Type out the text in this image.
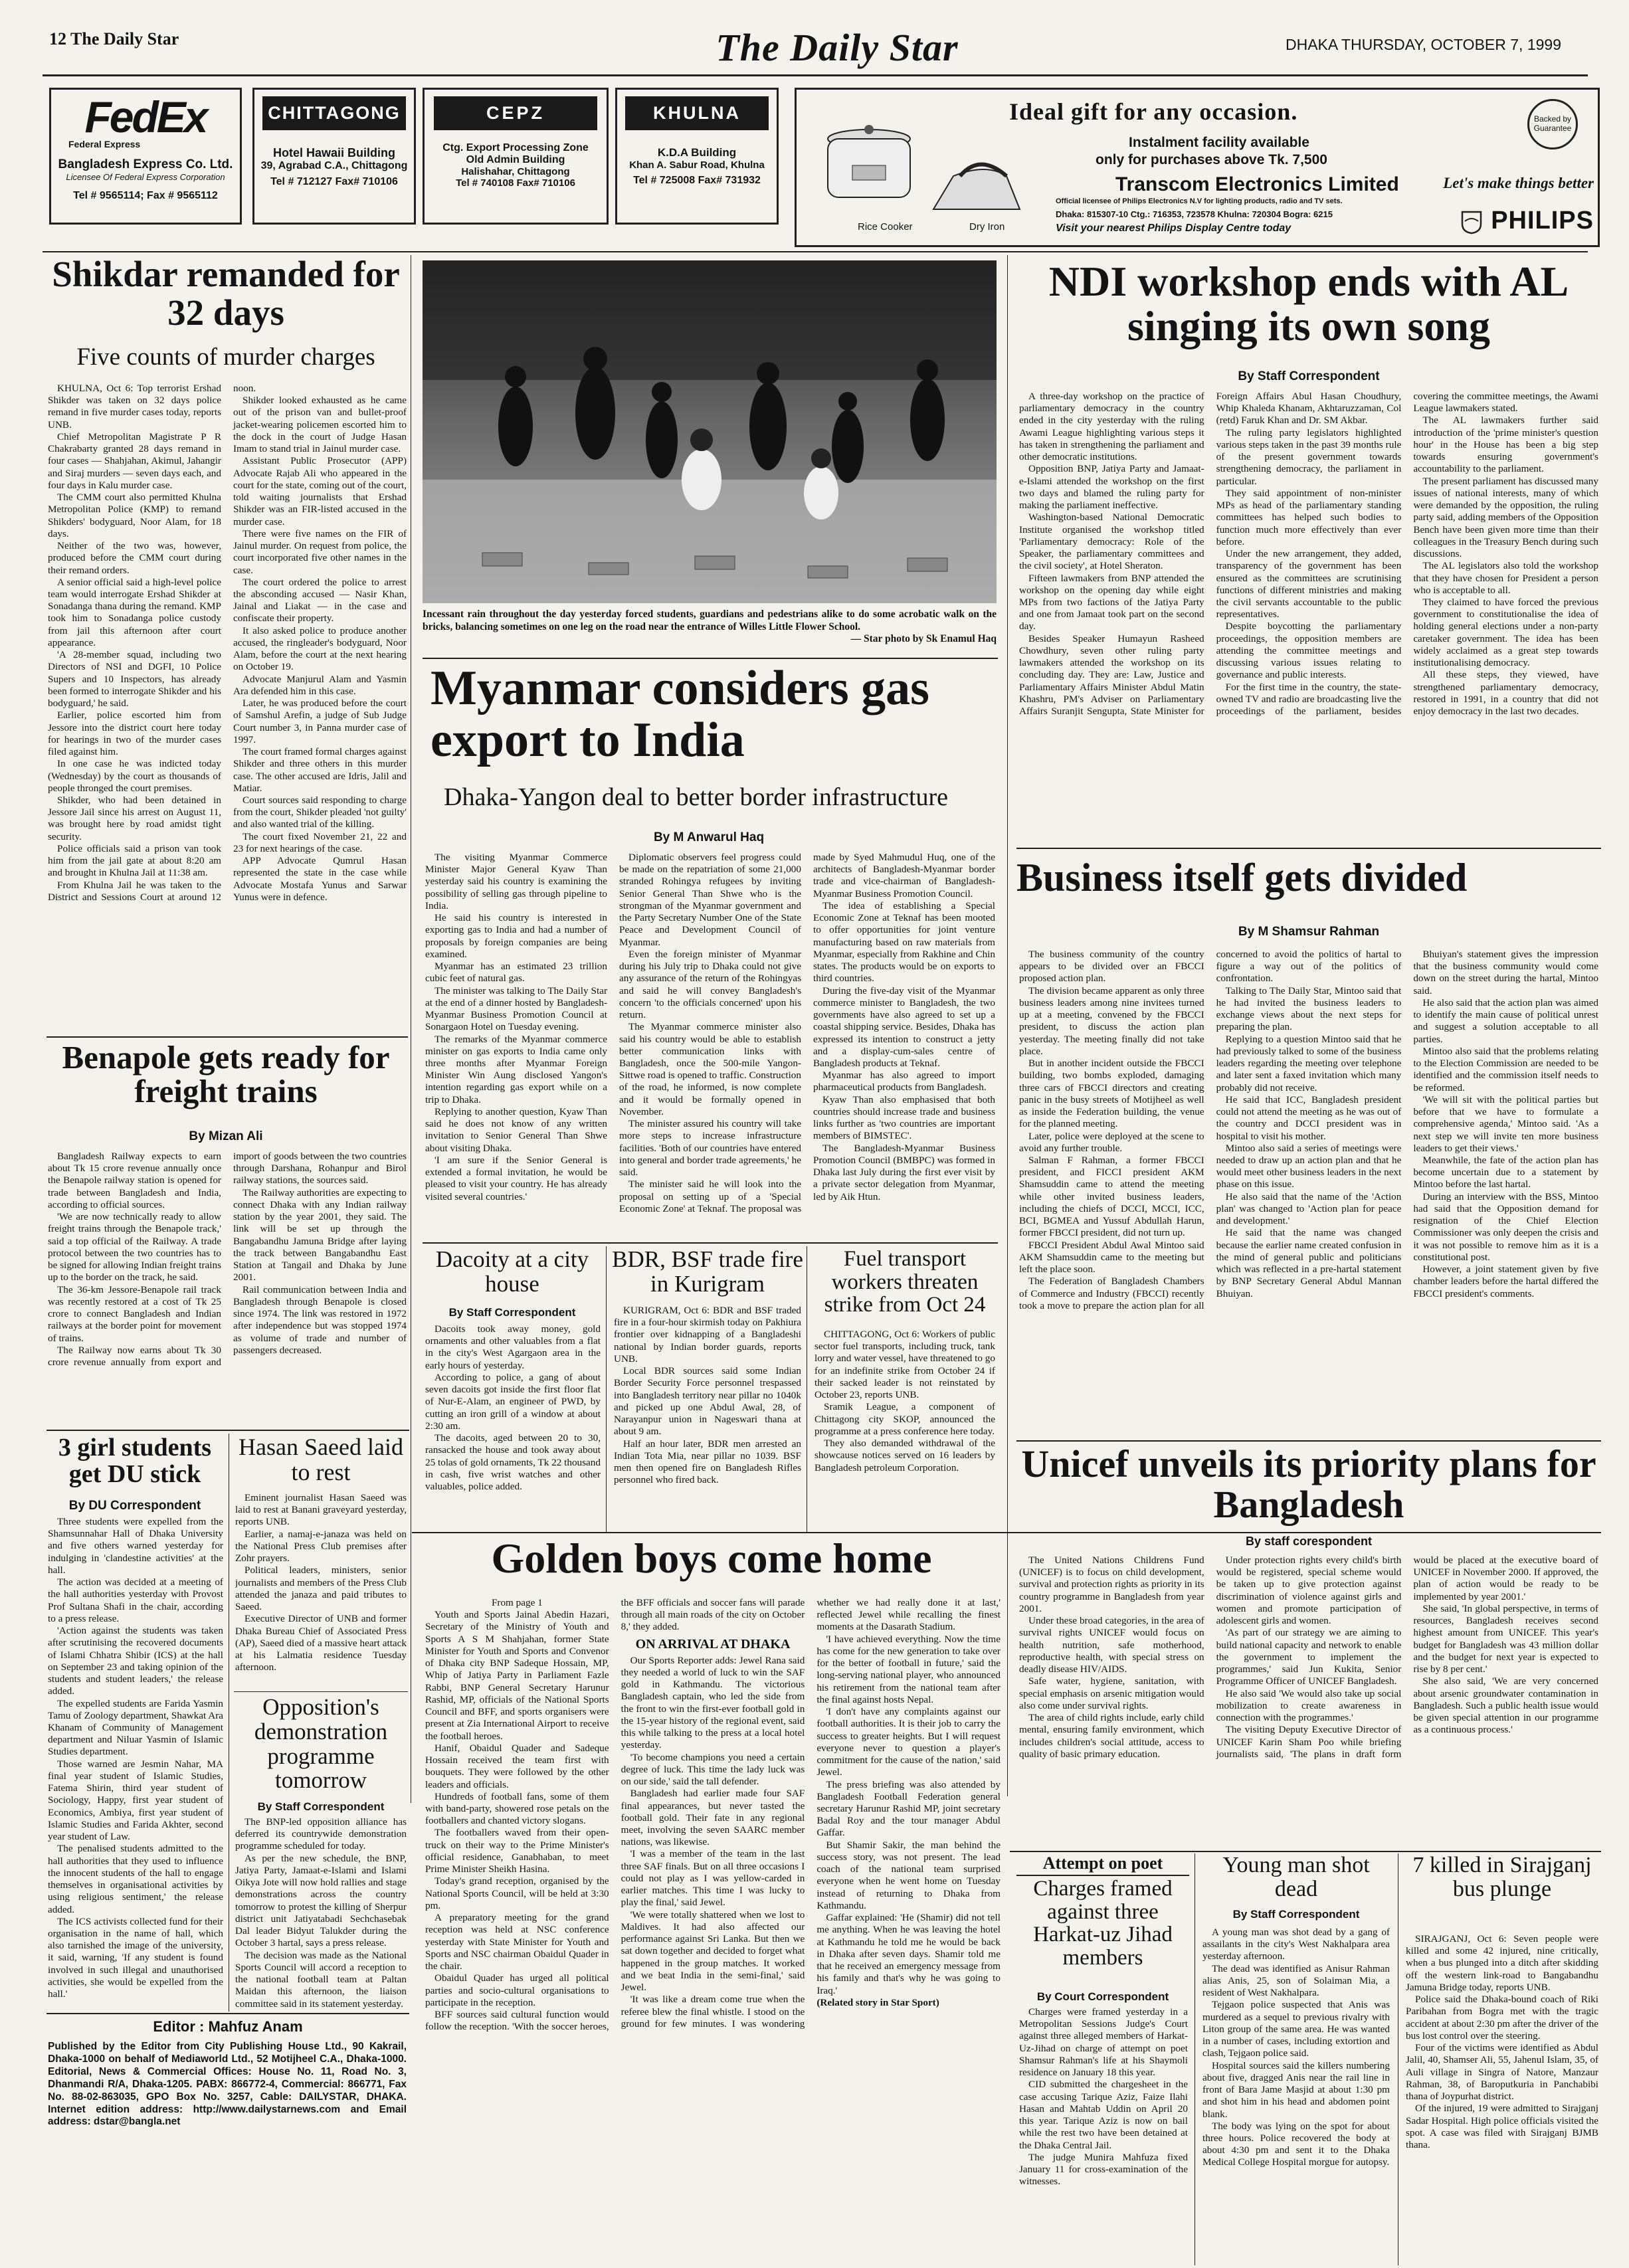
12 The Daily Star	The Daily Star	DHAKA THURSDAY, OCTOBER 7, 1999
FedEx
Federal Express
Bangladesh Express Co. Ltd.
Licensee Of Federal Express Corporation
Tel # 9565114; Fax # 9565112
CHITTAGONG
Hotel Hawaii Building
39, Agrabad C.A., Chittagong
Tel # 712127 Fax# 710106
CEPZ
Ctg. Export Processing Zone
Old Admin Building
Halishahar, Chittagong
Tel # 740108 Fax# 710106
KHULNA
K.D.A Building
Khan A. Sabur Road, Khulna
Tel # 725008 Fax# 731932
Ideal gift for any occasion.
Rice Cooker	Dry Iron
Instalment facility available
only for purchases above Tk. 7,500
Transcom Electronics Limited
Official licensee of Philips Electronics N.V for lighting products, radio and TV sets.
Dhaka: 815307-10 Ctg.: 716353, 723578 Khulna: 720304 Bogra: 6215
Visit your nearest Philips Display Centre today
Backed by
Guarantee
Let's make things better
PHILIPS
Shikdar remanded for 32 days
Five counts of murder charges

KHULNA, Oct 6: Top terrorist Ershad Shikder was taken on 32 days police remand in five murder cases today, reports UNB.

Chief Metropolitan Magistrate P R Chakrabarty granted 28 days remand in four cases — Shahjahan, Akimul, Jahangir and Siraj murders — seven days each, and four days in Kalu murder case.

The CMM court also permitted Khulna Metropolitan Police (KMP) to remand Shikders' bodyguard, Noor Alam, for 18 days.

Neither of the two was, however, produced before the CMM court during their remand orders.

A senior official said a high-level police team would interrogate Ershad Shikder at Sonadanga thana during the remand. KMP took him to Sonadanga police custody from jail this afternoon after court appearance.

'A 28-member squad, including two Directors of NSI and DGFI, 10 Police Supers and 10 Inspectors, has already been formed to interrogate Shikder and his bodyguard,' he said.

Earlier, police escorted him from Jessore into the district court here today for hearings in two of the murder cases filed against him.

In one case he was indicted today (Wednesday) by the court as thousands of people thronged the court premises.

Shikder, who had been detained in Jessore Jail since his arrest on August 11, was brought here by road amidst tight security.

Police officials said a prison van took him from the jail gate at about 8:20 am and brought in Khulna Jail at 11:38 am.

From Khulna Jail he was taken to the District and Sessions Court at around 12 noon.

Shikder looked exhausted as he came out of the prison van and bullet-proof jacket-wearing policemen escorted him to the dock in the court of Judge Hasan Imam to stand trial in Jainul murder case.

Assistant Public Prosecutor (APP) Advocate Rajab Ali who appeared in the court for the state, coming out of the court, told waiting journalists that Ershad Shikder was an FIR-listed accused in the murder case.

There were five names on the FIR of Jainul murder. On request from police, the court incorporated five other names in the case.

The court ordered the police to arrest the absconding accused — Nasir Khan, Jainal and Liakat — in the case and confiscate their property.

It also asked police to produce another accused, the ringleader's bodyguard, Noor Alam, before the court at the next hearing on October 19.

Advocate Manjurul Alam and Yasmin Ara defended him in this case.

Later, he was produced before the court of Samshul Arefin, a judge of Sub Judge Court number 3, in Panna murder case of 1997.

The court framed formal charges against Shikder and three others in this murder case. The other accused are Idris, Jalil and Matiar.

Court sources said responding to charge from the court, Shikder pleaded 'not guilty' and also wanted trial of the killing.

The court fixed November 21, 22 and 23 for next hearings of the case.

APP Advocate Qumrul Hasan represented the state in the case while Advocate Mostafa Yunus and Sarwar Yunus were in defence.

Incessant rain throughout the day yesterday forced students, guardians and pedestrians alike to do some acrobatic walk on the bricks, balancing sometimes on one leg on the road near the entrance of Willes Little Flower School.
— Star photo by Sk Enamul Haq
Myanmar considers gas export to India
Dhaka-Yangon deal to better border infrastructure
By M Anwarul Haq

The visiting Myanmar Commerce Minister Major General Kyaw Than yesterday said his country is examining the possibility of selling gas through pipeline to India.

He said his country is interested in exporting gas to India and had a number of proposals by foreign companies are being examined.

Myanmar has an estimated 23 trillion cubic feet of natural gas.

The minister was talking to The Daily Star at the end of a dinner hosted by Bangladesh-Myanmar Business Promotion Council at Sonargaon Hotel on Tuesday evening.

The remarks of the Myanmar commerce minister on gas exports to India came only three months after Myanmar Foreign Minister Win Aung disclosed Yangon's intention regarding gas export while on a trip to Dhaka.

Replying to another question, Kyaw Than said he does not know of any written invitation to Senior General Than Shwe about visiting Dhaka.

'I am sure if the Senior General is extended a formal invitation, he would be pleased to visit your country. He has already visited several countries.'

Diplomatic observers feel progress could be made on the repatriation of some 21,000 stranded Rohingya refugees by inviting Senior General Than Shwe who is the strongman of the Myanmar government and the Party Secretary Number One of the State Peace and Development Council of Myanmar.

Even the foreign minister of Myanmar during his July trip to Dhaka could not give any assurance of the return of the Rohingyas and said he will convey Bangladesh's concern 'to the officials concerned' upon his return.

The Myanmar commerce minister also said his country would be able to establish better communication links with Bangladesh, once the 500-mile Yangon-Sittwe road is opened to traffic. Construction of the road, he informed, is now complete and it would be formally opened in November.

The minister assured his country will take more steps to increase infrastructure facilities. 'Both of our countries have entered into general and border trade agreements,' he said.

The minister said he will look into the proposal on setting up of a 'Special Economic Zone' at Teknaf. The proposal was made by Syed Mahmudul Huq, one of the architects of Bangladesh-Myanmar border trade and vice-chairman of Bangladesh-Myanmar Business Promotion Council.

The idea of establishing a Special Economic Zone at Teknaf has been mooted to offer opportunities for joint venture manufacturing based on raw materials from Myanmar, especially from Rakhine and Chin states. The products would be on exports to third countries.

During the five-day visit of the Myanmar commerce minister to Bangladesh, the two governments have also agreed to set up a coastal shipping service. Besides, Dhaka has expressed its intention to construct a jetty and a display-cum-sales centre of Bangladesh products at Teknaf.

Myanmar has also agreed to import pharmaceutical products from Bangladesh.

Kyaw Than also emphasised that both countries should increase trade and business links further as 'two countries are important members of BIMSTEC'.

The Bangladesh-Myanmar Business Promotion Council (BMBPC) was formed in Dhaka last July during the first ever visit by a private sector delegation from Myanmar, led by Aik Htun.

NDI workshop ends with AL singing its own song
By Staff Correspondent

A three-day workshop on the practice of parliamentary democracy in the country ended in the city yesterday with the ruling Awami League highlighting various steps it has taken in strengthening the parliament and other democratic institutions.

Opposition BNP, Jatiya Party and Jamaat-e-Islami attended the workshop on the first two days and blamed the ruling party for making the parliament ineffective.

Washington-based National Democratic Institute organised the workshop titled 'Parliamentary democracy: Role of the Speaker, the parliamentary committees and the civil society', at Hotel Sheraton.

Fifteen lawmakers from BNP attended the workshop on the opening day while eight MPs from two factions of the Jatiya Party and one from Jamaat took part on the second day.

Besides Speaker Humayun Rasheed Chowdhury, seven other ruling party lawmakers attended the workshop on its concluding day. They are: Law, Justice and Parliamentary Affairs Minister Abdul Matin Khashru, PM's Adviser on Parliamentary Affairs Suranjit Sengupta, State Minister for Foreign Affairs Abul Hasan Choudhury, Whip Khaleda Khanam, Akhtaruzzaman, Col (retd) Faruk Khan and Dr. SM Akbar.

The ruling party legislators highlighted various steps taken in the past 39 months rule of the present government towards strengthening democracy, the parliament in particular.

They said appointment of non-minister MPs as head of the parliamentary standing committees has helped such bodies to function much more effectively than ever before.

Under the new arrangement, they added, transparency of the government has been ensured as the committees are scrutinising functions of different ministries and making the civil servants accountable to the public representatives.

Despite boycotting the parliamentary proceedings, the opposition members are attending the committee meetings and discussing various issues relating to governance and public interests.

For the first time in the country, the state-owned TV and radio are broadcasting live the proceedings of the parliament, besides covering the committee meetings, the Awami League lawmakers stated.

The AL lawmakers further said introduction of the 'prime minister's question hour' in the House has been a big step towards ensuring government's accountability to the parliament.

The present parliament has discussed many issues of national interests, many of which were demanded by the opposition, the ruling party said, adding members of the Opposition Bench have been given more time than their colleagues in the Treasury Bench during such discussions.

The AL legislators also told the workshop that they have chosen for President a person who is acceptable to all.

They claimed to have forced the previous government to constitutionalise the idea of holding general elections under a non-party caretaker government. The idea has been widely acclaimed as a great step towards institutionalising democracy.

All these steps, they viewed, have strengthened parliamentary democracy, restored in 1991, in a country that did not enjoy democracy in the last two decades.

Business itself gets divided
By M Shamsur Rahman

The business community of the country appears to be divided over an FBCCI proposed action plan.

The division became apparent as only three business leaders among nine invitees turned up at a meeting, convened by the FBCCI president, to discuss the action plan yesterday. The meeting finally did not take place.

But in another incident outside the FBCCI building, two bombs exploded, damaging three cars of FBCCI directors and creating panic in the busy streets of Motijheel as well as inside the Federation building, the venue for the planned meeting.

Later, police were deployed at the scene to avoid any further trouble.

Salman F Rahman, a former FBCCI president, and FICCI president AKM Shamsuddin came to attend the meeting while other invited business leaders, including the chiefs of DCCI, MCCI, ICC, BCI, BGMEA and Yussuf Abdullah Harun, former FBCCI president, did not turn up.

FBCCI President Abdul Awal Mintoo said AKM Shamsuddin came to the meeting but left the place soon.

The Federation of Bangladesh Chambers of Commerce and Industry (FBCCI) recently took a move to prepare the action plan for all concerned to avoid the politics of hartal to figure a way out of the politics of confrontation.

Talking to The Daily Star, Mintoo said that he had invited the business leaders to exchange views about the next steps for preparing the plan.

Replying to a question Mintoo said that he had previously talked to some of the business leaders regarding the meeting over telephone and later sent a faxed invitation which many probably did not receive.

He said that ICC, Bangladesh president could not attend the meeting as he was out of the country and DCCI president was in hospital to visit his mother.

Mintoo also said a series of meetings were needed to draw up an action plan and that he would meet other business leaders in the next phase on this issue.

He also said that the name of the 'Action plan' was changed to 'Action plan for peace and development.'

He said that the name was changed because the earlier name created confusion in the mind of general public and politicians which was reflected in a pre-hartal statement by BNP Secretary General Abdul Mannan Bhuiyan.

Bhuiyan's statement gives the impression that the business community would come down on the street during the hartal, Mintoo said.

He also said that the action plan was aimed to identify the main cause of political unrest and suggest a solution acceptable to all parties.

Mintoo also said that the problems relating to the Election Commission are needed to be identified and the commission itself needs to be reformed.

'We will sit with the political parties but before that we have to formulate a comprehensive agenda,' Mintoo said. 'As a next step we will invite ten more business leaders to get their views.'

Meanwhile, the fate of the action plan has become uncertain due to a statement by Mintoo before the last hartal.

During an interview with the BSS, Mintoo had said that the Opposition demand for resignation of the Chief Election Commissioner was only deepen the crisis and it was not possible to remove him as it is a constitutional post.

However, a joint statement given by five chamber leaders before the hartal differed the FBCCI president's comments.

Benapole gets ready for freight trains
By Mizan Ali

Bangladesh Railway expects to earn about Tk 15 crore revenue annually once the Benapole railway station is opened for trade between Bangladesh and India, according to official sources.

'We are now technically ready to allow freight trains through the Benapole track,' said a top official of the Railway. A trade protocol between the two countries has to be signed for allowing Indian freight trains up to the border on the track, he said.

The 36-km Jessore-Benapole rail track was recently restored at a cost of Tk 25 crore to connect Bangladesh and Indian railways at the border point for movement of trains.

The Railway now earns about Tk 30 crore revenue annually from export and import of goods between the two countries through Darshana, Rohanpur and Birol railway stations, the sources said.

The Railway authorities are expecting to connect Dhaka with any Indian railway station by the year 2001, they said. The link will be set up through the Bangabandhu Jamuna Bridge after laying the track between Bangabandhu East Station at Tangail and Dhaka by June 2001.

Rail communication between India and Bangladesh through Benapole is closed since 1974. The link was restored in 1972 after independence but was stopped 1974 as volume of trade and number of passengers decreased.

3 girl students get DU stick
By DU Correspondent

Three students were expelled from the Shamsunnahar Hall of Dhaka University and five others warned yesterday for indulging in 'clandestine activities' at the hall.

The action was decided at a meeting of the hall authorities yesterday with Provost Prof Sultana Shafi in the chair, according to a press release.

'Action against the students was taken after scrutinising the recovered documents of Islami Chhatra Shibir (ICS) at the hall on September 23 and taking opinion of the students and student leaders,' the release added.

The expelled students are Farida Yasmin Tamu of Zoology department, Shawkat Ara Khanam of Community of Management department and Niluar Yasmin of Islamic Studies department.

Those warned are Jesmin Nahar, MA final year student of Islamic Studies, Fatema Shirin, third year student of Sociology, Happy, first year student of Economics, Ambiya, first year student of Islamic Studies and Farida Akhter, second year student of Law.

The penalised students admitted to the hall authorities that they used to influence the innocent students of the hall to engage themselves in organisational activities by using religious sentiment,' the release added.

The ICS activists collected fund for their organisation in the name of hall, which also tarnished the image of the university, it said, warning, 'If any student is found involved in such illegal and unauthorised activities, she would be expelled from the hall.'

Hasan Saeed laid to rest

Eminent journalist Hasan Saeed was laid to rest at Banani graveyard yesterday, reports UNB.

Earlier, a namaj-e-janaza was held on the National Press Club premises after Zohr prayers.

Political leaders, ministers, senior journalists and members of the Press Club attended the janaza and paid tributes to Saeed.

Executive Director of UNB and former Dhaka Bureau Chief of Associated Press (AP), Saeed died of a massive heart attack at his Lalmatia residence Tuesday afternoon.

Opposition's demonstration programme tomorrow
By Staff Correspondent

The BNP-led opposition alliance has deferred its countrywide demonstration programme scheduled for today.

As per the new schedule, the BNP, Jatiya Party, Jamaat-e-Islami and Islami Oikya Jote will now hold rallies and stage demonstrations across the country tomorrow to protest the killing of Sherpur district unit Jatiyatabadi Sechchasebak Dal leader Bidyut Talukder during the October 3 hartal, says a press release.

The decision was made as the National Sports Council will accord a reception to the national football team at Paltan Maidan this afternoon, the liaison committee said in its statement yesterday.

Dacoity at a city house
By Staff Correspondent

Dacoits took away money, gold ornaments and other valuables from a flat in the city's West Agargaon area in the early hours of yesterday.

According to police, a gang of about seven dacoits got inside the first floor flat of Nur-E-Alam, an engineer of PWD, by cutting an iron grill of a window at about 2:30 am.

The dacoits, aged between 20 to 30, ransacked the house and took away about 25 tolas of gold ornaments, Tk 22 thousand in cash, five wrist watches and other valuables, police added.

BDR, BSF trade fire in Kurigram

KURIGRAM, Oct 6: BDR and BSF traded fire in a four-hour skirmish today on Pakhiura frontier over kidnapping of a Bangladeshi national by Indian border guards, reports UNB.

Local BDR sources said some Indian Border Security Force personnel trespassed into Bangladesh territory near pillar no 1040k and picked up one Abdul Awal, 28, of Narayanpur union in Nageswari thana at about 9 am.

Half an hour later, BDR men arrested an Indian Tota Mia, near pillar no 1039. BSF men then opened fire on Bangladesh Rifles personnel who fired back.

Fuel transport workers threaten strike from Oct 24

CHITTAGONG, Oct 6: Workers of public sector fuel transports, including truck, tank lorry and water vessel, have threatened to go for an indefinite strike from October 24 if their sacked leader is not reinstated by October 23, reports UNB.

Sramik League, a component of Chittagong city SKOP, announced the programme at a press conference here today.

They also demanded withdrawal of the showcause notices served on 16 leaders by Bangladesh petroleum Corporation.	Unicef unveils its priority plans for Bangladesh
By staff corespondent

The United Nations Childrens Fund (UNICEF) is to focus on child development, survival and protection rights as priority in its country programme in Bangladesh from year 2001.

Under these broad categories, in the area of survival rights UNICEF would focus on health nutrition, safe motherhood, reproductive health, with special stress on deadly disease HIV/AIDS.

Safe water, hygiene, sanitation, with special emphasis on arsenic mitigation would also come under survival rights.

The area of child rights include, early child mental, ensuring family environment, which includes children's social attitude, access to quality of basic primary education.

Under protection rights every child's birth would be registered, special scheme would be taken up to give protection against discrimination of violence against girls and women and promote participation of adolescent girls and women.

'As part of our strategy we are aiming to build national capacity and network to enable the government to implement the programmes,' said Jun Kukita, Senior Programme Officer of UNICEF Bangladesh.

He also said 'We would also take up social mobilization to create awareness in connection with the programmes.'

The visiting Deputy Executive Director of UNICEF Karin Sham Poo while briefing journalists said, 'The plans in draft form would be placed at the executive board of UNICEF in November 2000. If approved, the plan of action would be ready to be implemented by year 2001.'

She said, 'In global perspective, in terms of resources, Bangladesh receives second highest amount from UNICEF. This year's budget for Bangladesh was 43 million dollar and the budget for next year is expected to rise by 8 per cent.'

She also said, 'We are very concerned about arsenic groundwater contamination in Bangladesh. Such a public health issue would be given special attention in our programme as a continuous process.'

Golden boys come home

From page 1

Youth and Sports Jainal Abedin Hazari, Secretary of the Ministry of Youth and Sports A S M Shahjahan, former State Minister for Youth and Sports and Convenor of Dhaka city BNP Sadeque Hossain, MP, Whip of Jatiya Party in Parliament Fazle Rabbi, BNP General Secretary Harunur Rashid, MP, officials of the National Sports Council and BFF, and sports organisers were present at Zia International Airport to receive the football heroes.

Hanif, Obaidul Quader and Sadeque Hossain received the team first with bouquets. They were followed by the other leaders and officials.

Hundreds of football fans, some of them with band-party, showered rose petals on the footballers and chanted victory slogans.

The footballers waved from their open-truck on their way to the Prime Minister's official residence, Ganabhaban, to meet Prime Minister Sheikh Hasina.

Today's grand reception, organised by the National Sports Council, will be held at 3:30 pm.

A preparatory meeting for the grand reception was held at NSC conference yesterday with State Minister for Youth and Sports and NSC chairman Obaidul Quader in the chair.

Obaidul Quader has urged all political parties and socio-cultural organisations to participate in the reception.

BFF sources said cultural function would follow the reception. 'With the soccer heroes, the BFF officials and soccer fans will parade through all main roads of the city on October 8,' they added.

ON ARRIVAL AT DHAKA

Our Sports Reporter adds: Jewel Rana said they needed a world of luck to win the SAF gold in Kathmandu. The victorious Bangladesh captain, who led the side from the front to win the first-ever football gold in the 15-year history of the regional event, said this while talking to the press at a local hotel yesterday.

'To become champions you need a certain degree of luck. This time the lady luck was on our side,' said the tall defender.

Bangladesh had earlier made four SAF final appearances, but never tasted the football gold. Their fate in any regional meet, involving the seven SAARC member nations, was likewise.

'I was a member of the team in the last three SAF finals. But on all three occasions I could not play as I was yellow-carded in earlier matches. This time I was lucky to play the final,' said Jewel.

'We were totally shattered when we lost to Maldives. It had also affected our performance against Sri Lanka. But then we sat down together and decided to forget what happened in the group matches. It worked and we beat India in the semi-final,' said Jewel.

'It was like a dream come true when the referee blew the final whistle. I stood on the ground for few minutes. I was wondering whether we had really done it at last,' reflected Jewel while recalling the finest moments at the Dasarath Stadium.

'I have achieved everything. Now the time has come for the new generation to take over for the better of football in future,' said the long-serving national player, who announced his retirement from the national team after the final against hosts Nepal.

'I don't have any complaints against our football authorities. It is their job to carry the success to greater heights. But I will request everyone never to question a player's commitment for the cause of the nation,' said Jewel.

The press briefing was also attended by Bangladesh Football Federation general secretary Harunur Rashid MP, joint secretary Badal Roy and the tour manager Abdul Gaffar.

But Shamir Sakir, the man behind the success story, was not present. The lead coach of the national team surprised everyone when he went home on Tuesday instead of returning to Dhaka from Kathmandu.

Gaffar explained: 'He (Shamir) did not tell me anything. When he was leaving the hotel at Kathmandu he told me he would be back in Dhaka after seven days. Shamir told me that he received an emergency message from his family and that's why he was going to Iraq.'

(Related story in Star Sport)

Attempt on poet
Charges framed against three Harkat-uz Jihad members
By Court Correspondent

Charges were framed yesterday in a Metropolitan Sessions Judge's Court against three alleged members of Harkat-Uz-Jihad on charge of attempt on poet Shamsur Rahman's life at his Shaymoli residence on January 18 this year.

CID submitted the chargesheet in the case accusing Tarique Aziz, Faize Ilahi Hasan and Mahtab Uddin on April 20 this year. Tarique Aziz is now on bail while the rest two have been detained at the Dhaka Central Jail.

The judge Munira Mahfuza fixed January 11 for cross-examination of the witnesses.

Young man shot dead
By Staff Correspondent

A young man was shot dead by a gang of assailants in the city's West Nakhalpara area yesterday afternoon.

The dead was identified as Anisur Rahman alias Anis, 25, son of Solaiman Mia, a resident of West Nakhalpara.

Tejgaon police suspected that Anis was murdered as a sequel to previous rivalry with Liton group of the same area. He was wanted in a number of cases, including extortion and clash, Tejgaon police said.

Hospital sources said the killers numbering about five, dragged Anis near the rail line in front of Bara Jame Masjid at about 1:30 pm and shot him in his head and abdomen point blank.

The body was lying on the spot for about three hours. Police recovered the body at about 4:30 pm and sent it to the Dhaka Medical College Hospital morgue for autopsy.

7 killed in Sirajganj bus plunge

SIRAJGANJ, Oct 6: Seven people were killed and some 42 injured, nine critically, when a bus plunged into a ditch after skidding off the western link-road to Bangabandhu Jamuna Bridge today, reports UNB.

Police said the Dhaka-bound coach of Riki Paribahan from Bogra met with the tragic accident at about 2:30 pm after the driver of the bus lost control over the steering.

Four of the victims were identified as Abdul Jalil, 40, Shamser Ali, 55, Jahenul Islam, 35, of Auli village in Singra of Natore, Manzaur Rahman, 38, of Baroputkuria in Panchabibi thana of Joypurhat district.

Of the injured, 19 were admitted to Sirajganj Sadar Hospital. High police officials visited the spot. A case was filed with Sirajganj BJMB thana.

Editor : Mahfuz Anam
Published by the Editor from City Publishing House Ltd., 90 Kakrail, Dhaka-1000 on behalf of Mediaworld Ltd., 52 Motijheel C.A., Dhaka-1000. Editorial, News & Commercial Offices: House No. 11, Road No. 3, Dhanmandi R/A, Dhaka-1205. PABX: 866772-4, Commercial: 866771, Fax No. 88-02-863035, GPO Box No. 3257, Cable: DAILYSTAR, DHAKA. Internet edition address: http://www.dailystarnews.com and Email address: dstar@bangla.net
